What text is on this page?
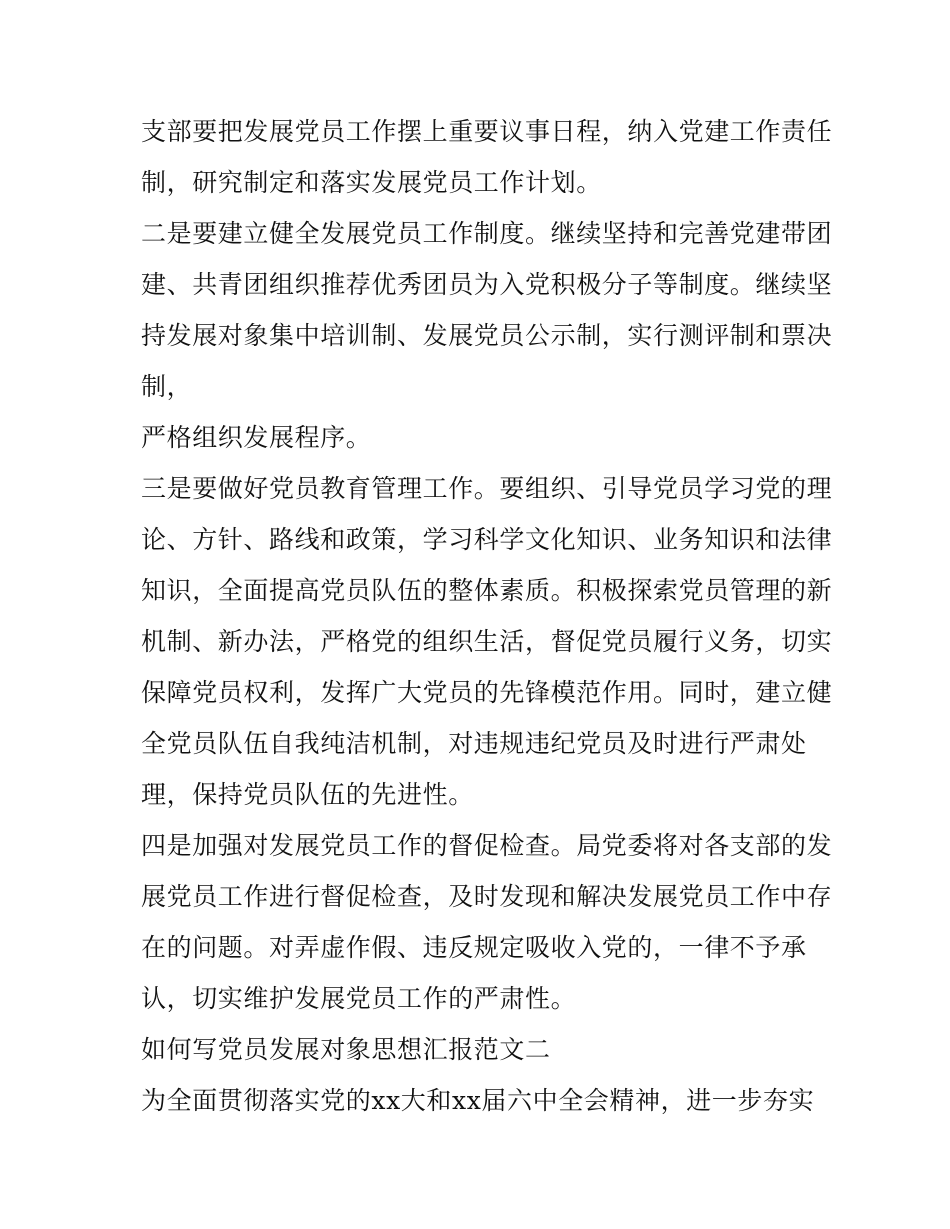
支部要把发展党员工作摆上重要议事日程，纳入党建工作责任
制，研究制定和落实发展党员工作计划。
二是要建立健全发展党员工作制度。继续坚持和完善党建带团
建、共青团组织推荐优秀团员为入党积极分子等制度。继续坚
持发展对象集中培训制、发展党员公示制，实行测评制和票决
制，
严格组织发展程序。
三是要做好党员教育管理工作。要组织、引导党员学习党的理
论、方针、路线和政策，学习科学文化知识、业务知识和法律
知识，全面提高党员队伍的整体素质。积极探索党员管理的新
机制、新办法，严格党的组织生活，督促党员履行义务，切实
保障党员权利，发挥广大党员的先锋模范作用。同时，建立健
全党员队伍自我纯洁机制，对违规违纪党员及时进行严肃处
理，保持党员队伍的先进性。
四是加强对发展党员工作的督促检查。局党委将对各支部的发
展党员工作进行督促检查，及时发现和解决发展党员工作中存
在的问题。对弄虚作假、违反规定吸收入党的，一律不予承
认，切实维护发展党员工作的严肃性。
如何写党员发展对象思想汇报范文二
为全面贯彻落实党的xx大和xx届六中全会精神，进一步夯实
